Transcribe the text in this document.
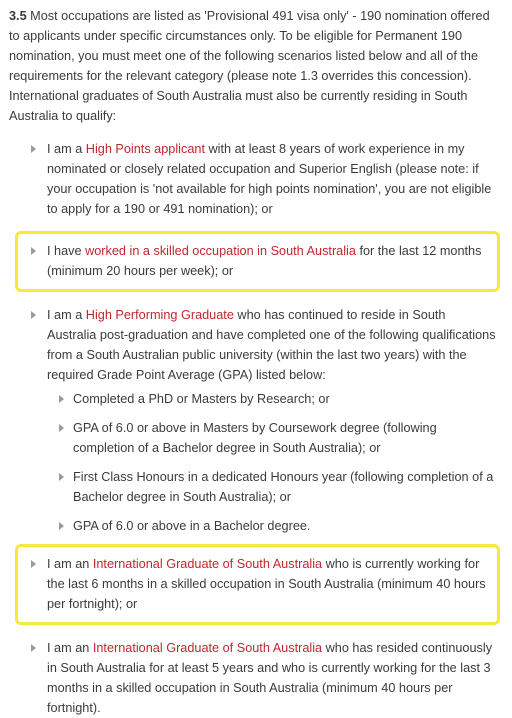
3.5 Most occupations are listed as 'Provisional 491 visa only' - 190 nomination offered to applicants under specific circumstances only. To be eligible for Permanent 190 nomination, you must meet one of the following scenarios listed below and all of the requirements for the relevant category (please note 1.3 overrides this concession). International graduates of South Australia must also be currently residing in South Australia to qualify:

I am a High Points applicant with at least 8 years of work experience in my nominated or closely related occupation and Superior English (please note: if your occupation is 'not available for high points nomination', you are not eligible to apply for a 190 or 491 nomination); or
I have worked in a skilled occupation in South Australia for the last 12 months (minimum 20 hours per week); or
I am a High Performing Graduate who has continued to reside in South Australia post-graduation and have completed one of the following qualifications from a South Australian public university (within the last two years) with the required Grade Point Average (GPA) listed below:
Completed a PhD or Masters by Research; or
GPA of 6.0 or above in Masters by Coursework degree (following completion of a Bachelor degree in South Australia); or
First Class Honours in a dedicated Honours year (following completion of a Bachelor degree in South Australia); or
GPA of 6.0 or above in a Bachelor degree.
I am an International Graduate of South Australia who is currently working for the last 6 months in a skilled occupation in South Australia (minimum 40 hours per fortnight); or
I am an International Graduate of South Australia who has resided continuously in South Australia for at least 5 years and who is currently working for the last 3 months in a skilled occupation in South Australia (minimum 40 hours per fortnight).
